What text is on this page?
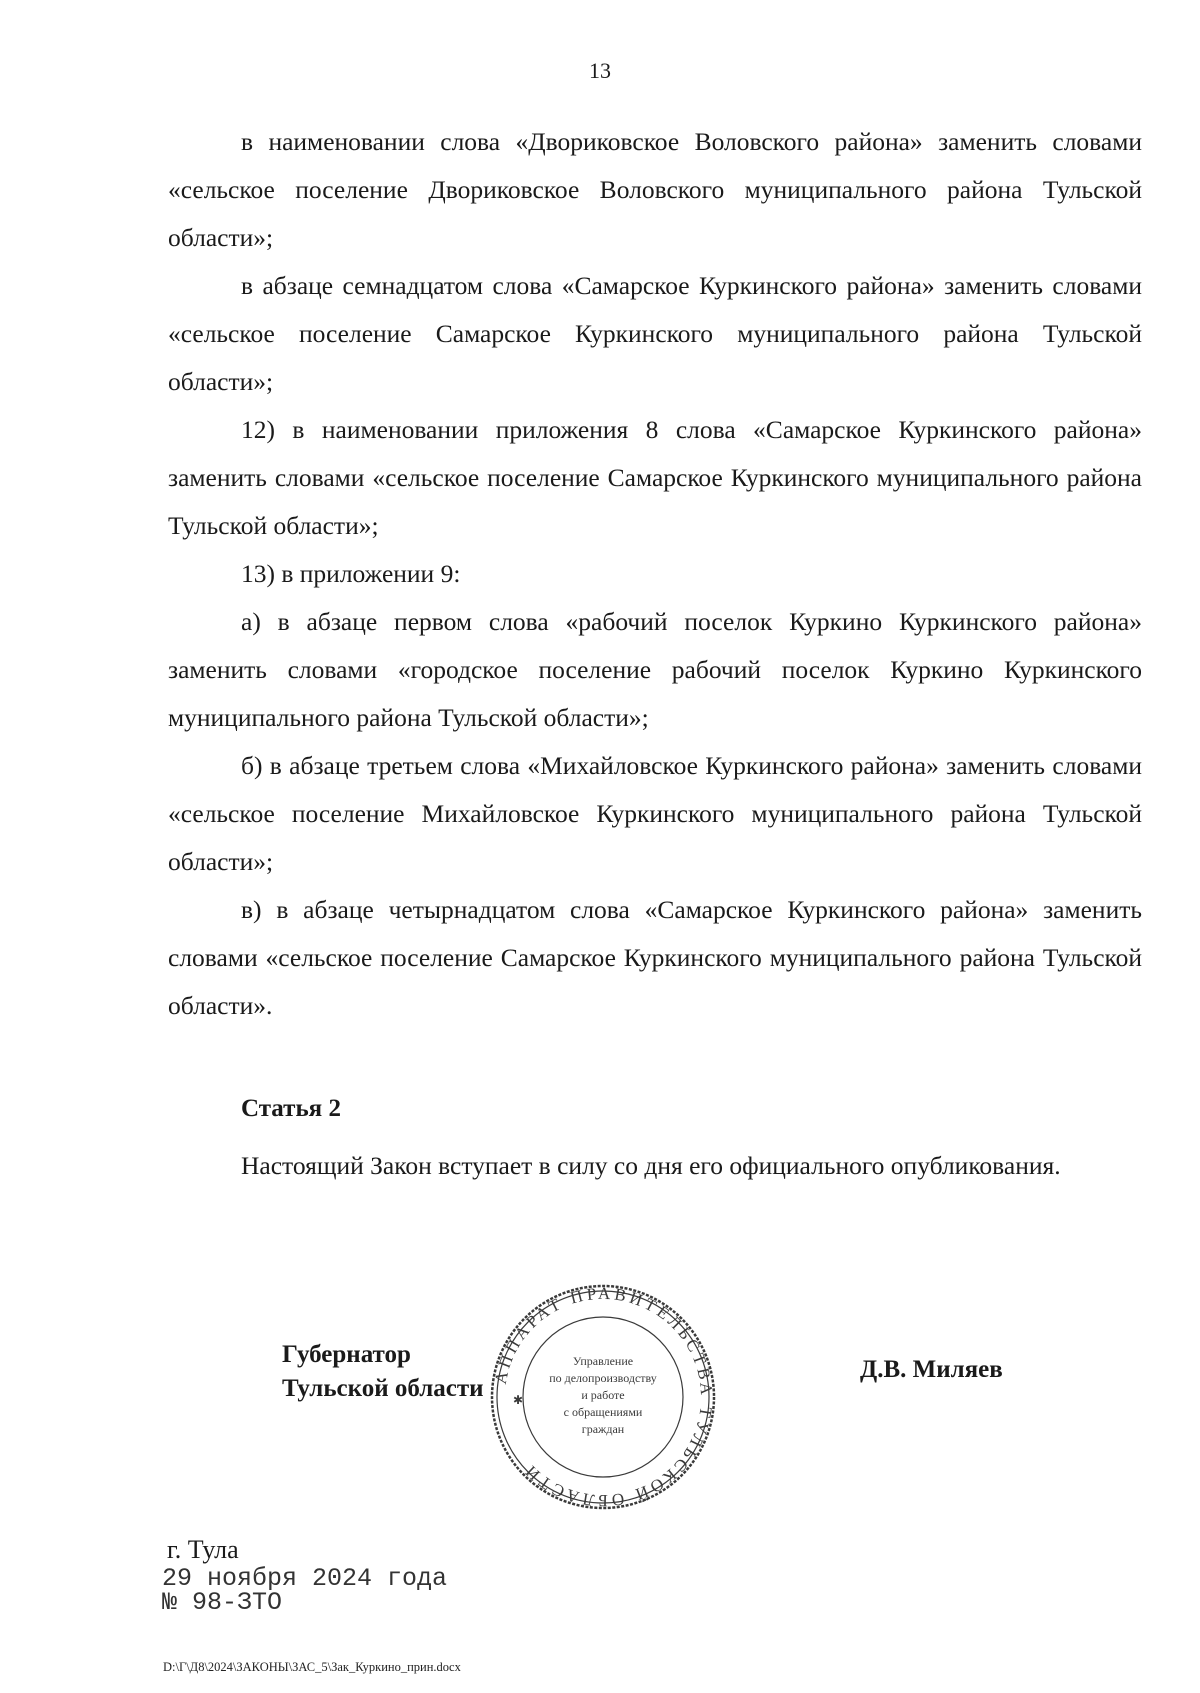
13

в наименовании слова «Двориковское Воловского района» заменить словами «сельское поселение Двориковское Воловского муниципального района Тульской области»;

в абзаце семнадцатом слова «Самарское Куркинского района» заменить словами «сельское поселение Самарское Куркинского муниципального района Тульской области»;

12) в наименовании приложения 8 слова «Самарское Куркинского района» заменить словами «сельское поселение Самарское Куркинского муниципального района Тульской области»;

13) в приложении 9:

а) в абзаце первом слова «рабочий поселок Куркино Куркинского района» заменить словами «городское поселение рабочий поселок Куркино Куркинского муниципального района Тульской области»;

б) в абзаце третьем слова «Михайловское Куркинского района» заменить словами «сельское поселение Михайловское Куркинского муниципального района Тульской области»;

в) в абзаце четырнадцатом слова «Самарское Куркинского района» заменить словами «сельское поселение Самарское Куркинского муниципального района Тульской области».

Статья 2

Настоящий Закон вступает в силу со дня его официального опубликования.

Губернатор
Тульской области АППАРАТ ПРАВИТЕЛЬСТВА ТУЛЬСКОЙ ОБЛАСТИ
✱
Управление
по делопроизводству
и работе
с обращениями
граждан
Д.В. Миляев
г. Тула
29 ноября 2024 года
№ 98-ЗТО
D:\Г\Д8\2024\ЗАКОНЫ\ЗАС_5\Зак_Куркино_прин.docx
